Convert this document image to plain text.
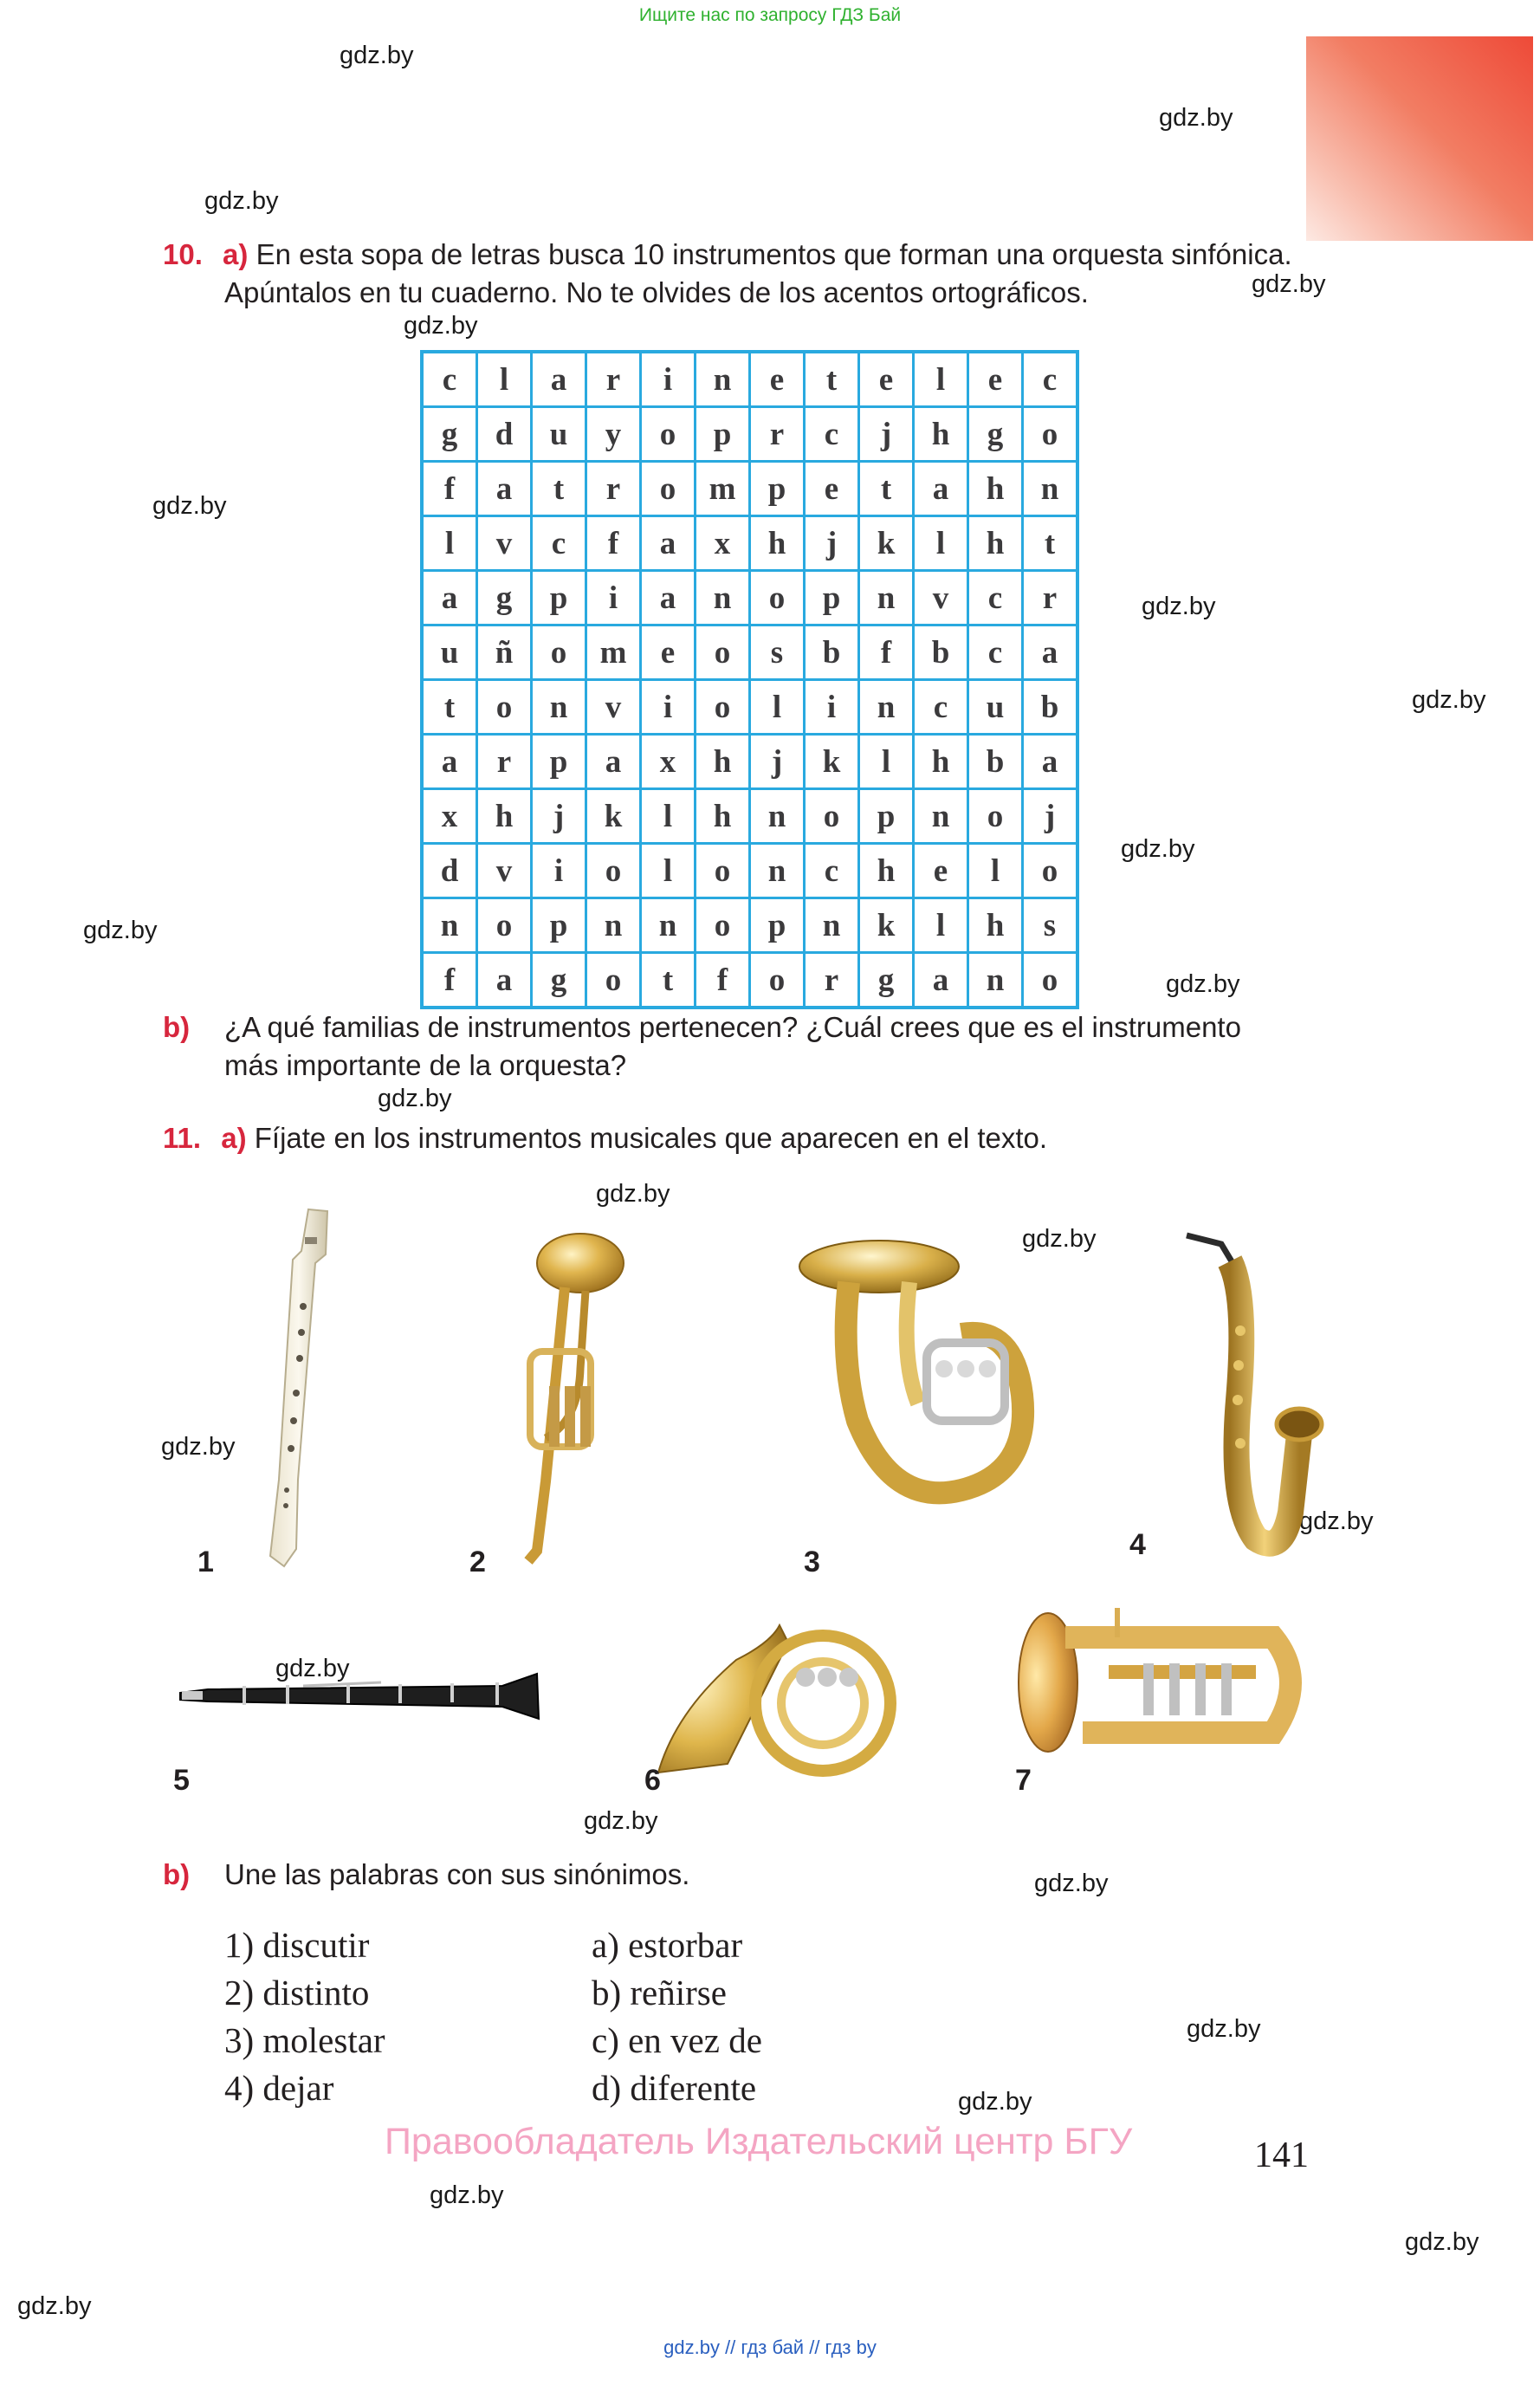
Ищите нас по запросу ГДЗ Бай
gdz.by
gdz.by
gdz.by
gdz.by
gdz.by
gdz.by
gdz.by
gdz.by
gdz.by
gdz.by
gdz.by
gdz.by
gdz.by
gdz.by
gdz.by
gdz.by
gdz.by
gdz.by
gdz.by
gdz.by
gdz.by
gdz.by
gdz.by
gdz.by
10. a) En esta sopa de letras busca 10 instrumentos que forman una orquesta sinfónica.
Apúntalos en tu cuaderno. No te olvides de los acentos ortográficos.
c	l	a	r	i	n	e	t	e	l	e	c
g	d	u	y	o	p	r	c	j	h	g	o
f	a	t	r	o	m	p	e	t	a	h	n
l	v	c	f	a	x	h	j	k	l	h	t
a	g	p	i	a	n	o	p	n	v	c	r
u	ñ	o	m	e	o	s	b	f	b	c	a
t	o	n	v	i	o	l	i	n	c	u	b
a	r	p	a	x	h	j	k	l	h	b	a
x	h	j	k	l	h	n	o	p	n	o	j
d	v	i	o	l	o	n	c	h	e	l	o
n	o	p	n	n	o	p	n	k	l	h	s
f	a	g	o	t	f	o	r	g	a	n	o
b) ¿A qué familias de instrumentos pertenecen? ¿Cuál crees que es el instrumento
más importante de la orquesta?
11. a) Fíjate en los instrumentos musicales que aparecen en el texto.
1	2	3
4
5	6	7
b) Une las palabras con sus sinónimos.
1) discutir
2) distinto
3) molestar
4) dejar
a) estorbar
b) reñirse
c) en vez de
d) diferente
Правообладатель Издательский центр БГУ	141
gdz.by // гдз бай // гдз by
